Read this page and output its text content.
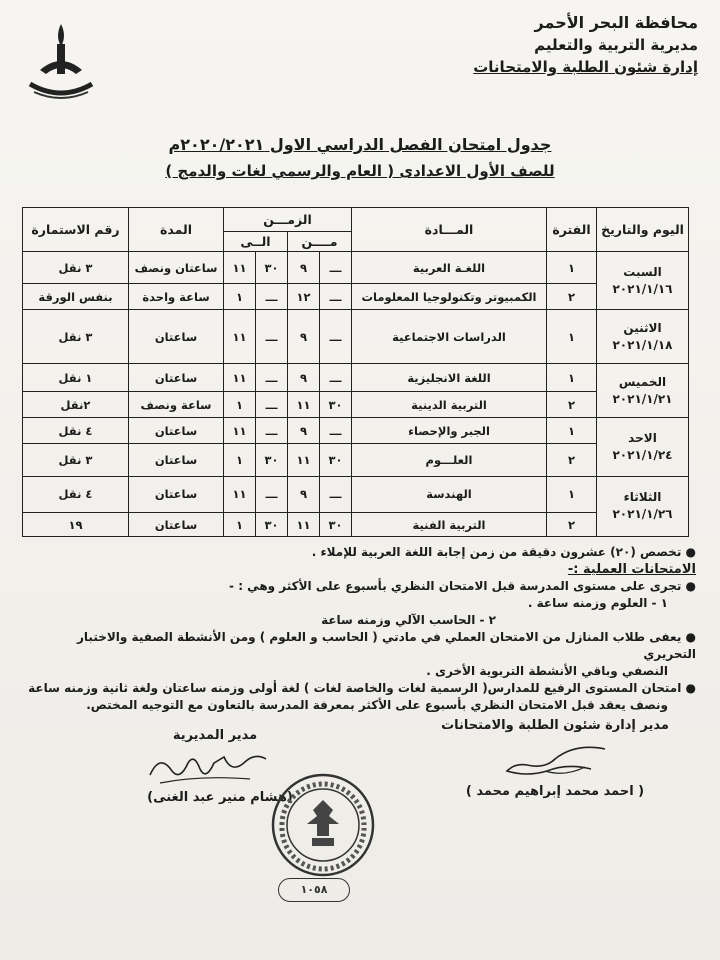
محافظة البحر الأحمر
مديرية التربية والتعليم
إدارة شئون الطلبة والامتحانات
جدول امتحان الفصل الدراسي الاول ٢٠٢٠/٢٠٢١م
للصف الأول الاعدادى ( العام والرسمي لغات والدمج )
اليوم والتاريخ	الفترة	المـــادة	الزمـــن				المدة	رقم الاستمارة
			مــــن		الــى			

السبت
٢٠٢١/١/١٦	١	اللغـة العربية	ـــ	٩	٣٠	١١	ساعتان ونصف	٣ نقل
	٢	الكمبيوتر وتكنولوجيا المعلومات	ـــ	١٢	ـــ	١	ساعة واحدة	بنفس الورقة

الاثنين
٢٠٢١/١/١٨	١	الدراسات الاجتماعية	ـــ	٩	ـــ	١١	ساعتان	٣ نقل

الخميس
٢٠٢١/١/٢١	١	اللغة الانجليزية	ـــ	٩	ـــ	١١	ساعتان	١ نقل
	٢	التربية الدينية	٣٠	١١	ـــ	١	ساعة ونصف	٢نقل

الاحد
٢٠٢١/١/٢٤	١	الجبر والإحصاء	ـــ	٩	ـــ	١١	ساعتان	٤ نقل
	٢	العلـــوم	٣٠	١١	٣٠	١	ساعتان	٣ نقل

الثلاثاء
٢٠٢١/١/٢٦	١	الهندسة	ـــ	٩	ـــ	١١	ساعتان	٤ نقل
	٢	التربية الفنية	٣٠	١١	٣٠	١	ساعتان	١٩
● تخصص (٢٠) عشرون دقيقة من زمن إجابة اللغة العربية للإملاء .
الامتحانات العملية :-
● تجرى على مستوى المدرسة قبل الامتحان النظري بأسبوع على الأكثر وهي : -
١ - العلوم وزمنه ساعة .
٢ - الحاسب الآلي وزمنه ساعة
● يعفى طلاب المنازل من الامتحان العملي في مادتي ( الحاسب و العلوم ) ومن الأنشطة الصفية والاختبار التحريري
النصفي وباقي الأنشطة التربوية الأخرى .
● امتحان المستوى الرفيع للمدارس( الرسمية لغات والخاصة لغات ) لغة أولى وزمنه ساعتان ولغة ثانية وزمنه ساعة
ونصف يعقد قبل الامتحان النظري بأسبوع على الأكثر بمعرفة المدرسة بالتعاون مع التوجيه المختص.
مدير المديرية
(هشام منير عبد الغنى)
مدير إدارة شئون الطلبة والامتحانات
( احمد محمد إبراهيم محمد )
١٠٥٨
